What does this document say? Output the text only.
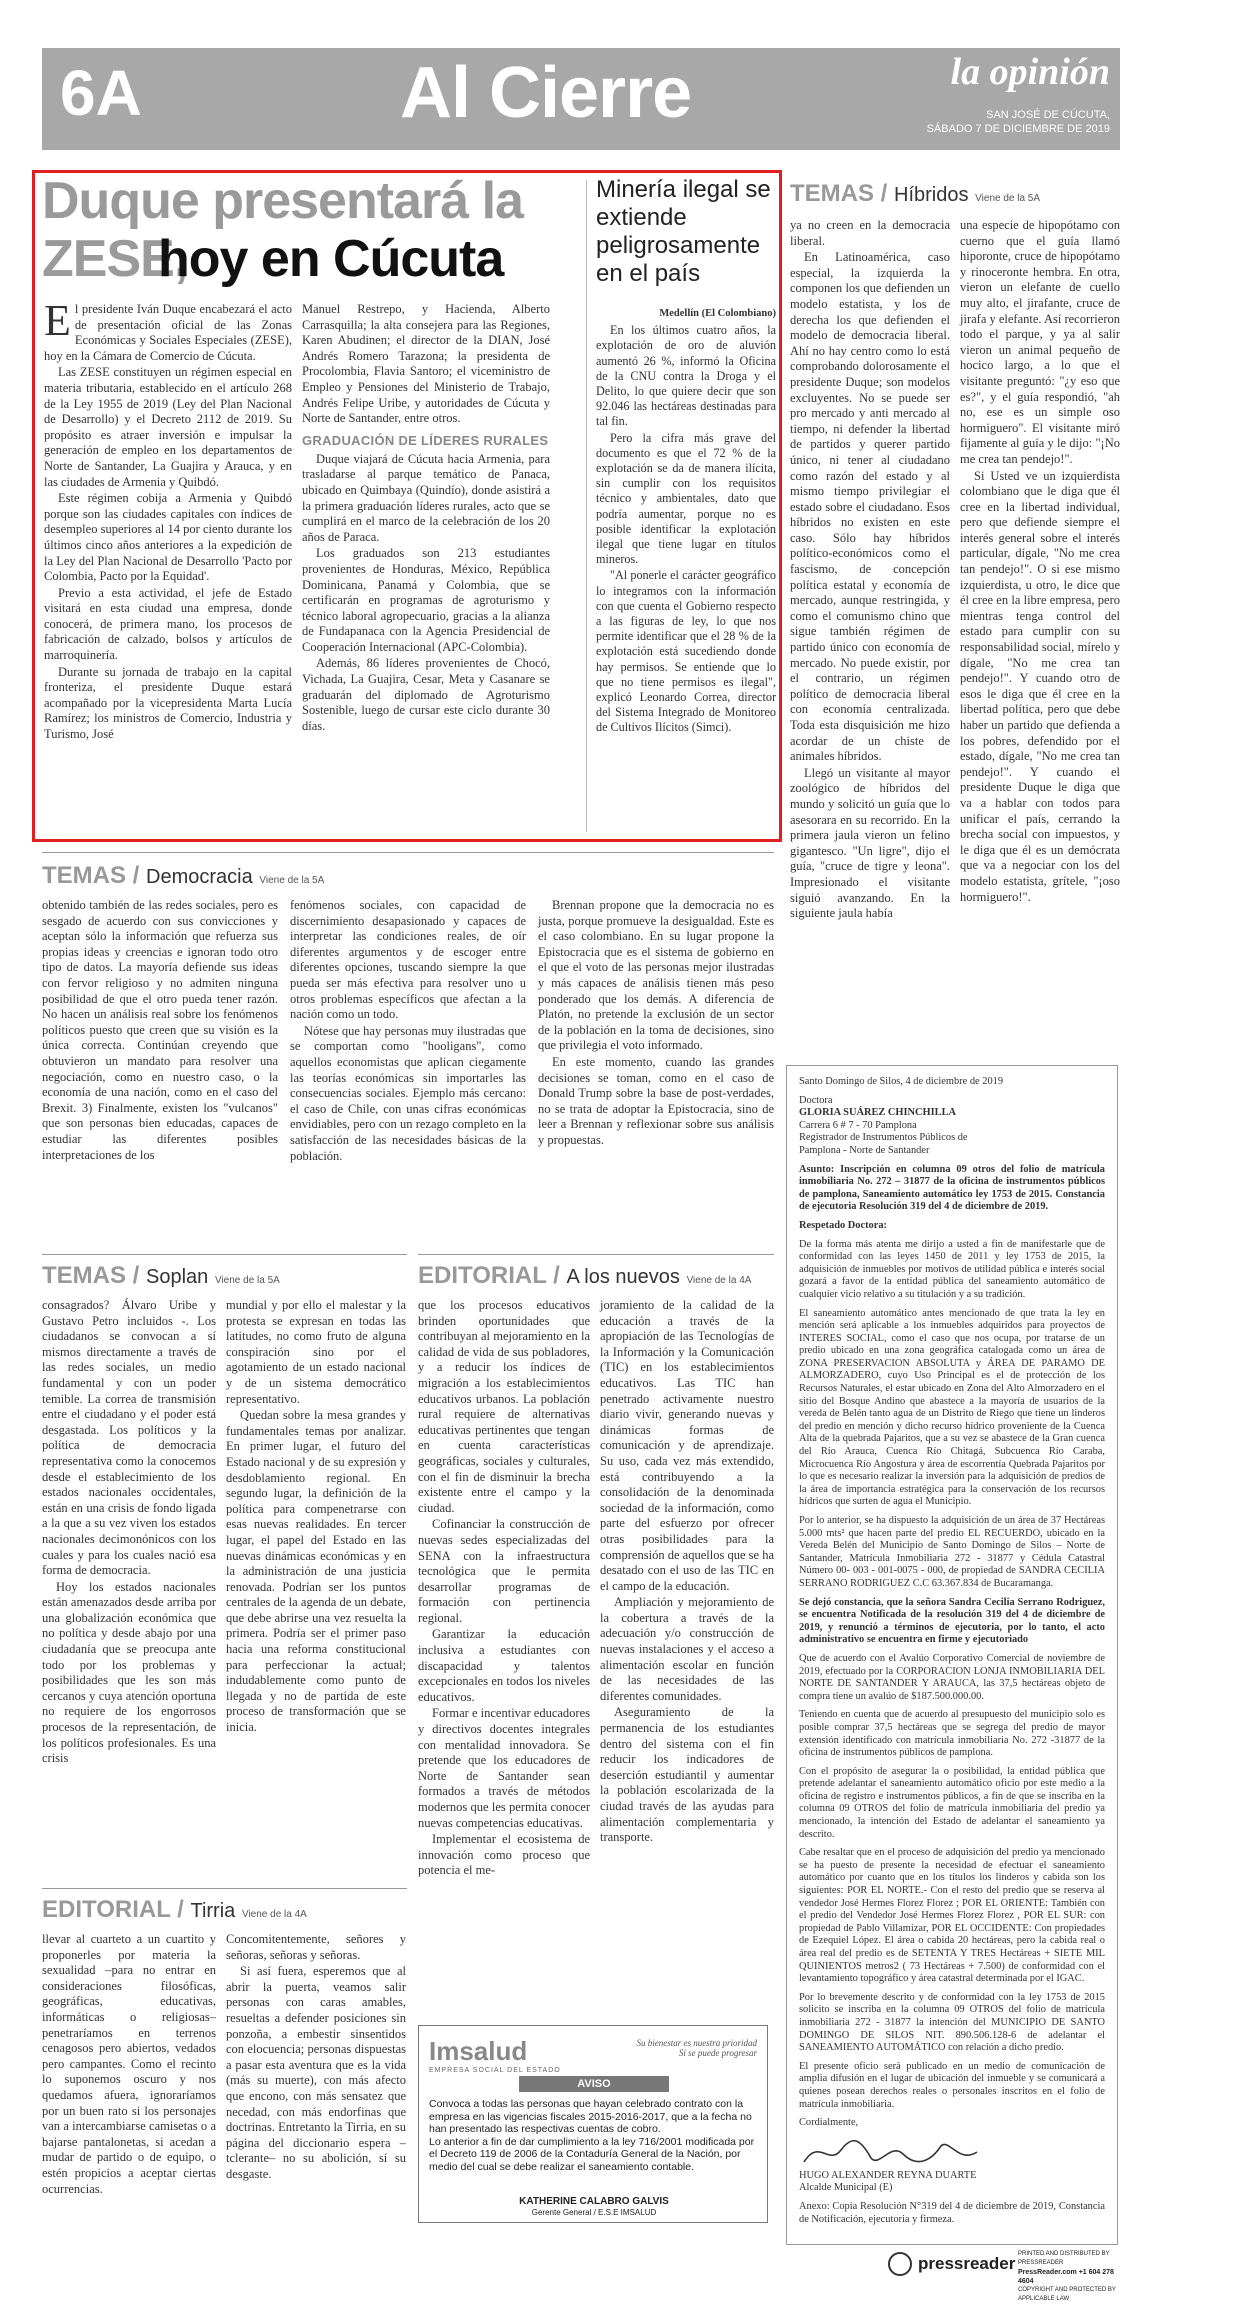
6A	Al Cierre	la opinión
SAN JOSÉ DE CÚCUTA,
SÁBADO 7 DE DICIEMBRE DE 2019
Duque presentará la
ZESE,
hoy en Cúcuta
E l presidente Iván Duque encabezará el acto de presentación oficial de las Zonas Económicas y Sociales Especiales (ZESE), hoy en la Cámara de Comercio de Cúcuta.

Las ZESE constituyen un régimen especial en materia tributaria, establecido en el artículo 268 de la Ley 1955 de 2019 (Ley del Plan Nacional de Desarrollo) y el Decreto 2112 de 2019. Su propósito es atraer inversión e impulsar la generación de empleo en los departamentos de Norte de Santander, La Guajira y Arauca, y en las ciudades de Armenia y Quibdó.

Este régimen cobija a Armenia y Quibdó porque son las ciudades capitales con índices de desempleo superiores al 14 por ciento durante los últimos cinco años anteriores a la expedición de la Ley del Plan Nacional de Desarrollo 'Pacto por Colombia, Pacto por la Equidad'.

Previo a esta actividad, el jefe de Estado visitará en esta ciudad una empresa, donde conocerá, de primera mano, los procesos de fabricación de calzado, bolsos y artículos de marroquinería.

Durante su jornada de trabajo en la capital fronteriza, el presidente Duque estará acompañado por la vicepresidenta Marta Lucía Ramírez; los ministros de Comercio, Industria y Turismo, José

Manuel Restrepo, y Hacienda, Alberto Carrasquilla; la alta consejera para las Regiones, Karen Abudinen; el director de la DIAN, José Andrés Romero Tarazona; la presidenta de Procolombia, Flavia Santoro; el viceministro de Empleo y Pensiones del Ministerio de Trabajo, Andrés Felipe Uribe, y autoridades de Cúcuta y Norte de Santander, entre otros.

GRADUACIÓN DE LÍDERES RURALES

Duque viajará de Cúcuta hacia Armenia, para trasladarse al parque temático de Panaca, ubicado en Quimbaya (Quindío), donde asistirá a la primera graduación líderes rurales, acto que se cumplirá en el marco de la celebración de los 20 años de Paraca.

Los graduados son 213 estudiantes provenientes de Honduras, México, República Dominicana, Panamá y Colombia, que se certificarán en programas de agroturismo y técnico laboral agropecuario, gracias a la alianza de Fundapanaca con la Agencia Presidencial de Cooperación Internacional (APC-Colombia).

Además, 86 líderes provenientes de Chocó, Vichada, La Guajira, Cesar, Meta y Casanare se graduarán del diplomado de Agroturismo Sostenible, luego de cursar este ciclo durante 30 días.

Minería ilegal se extiende peligrosamente en el país
Medellín (El Colombiano)

En los últimos cuatro años, la explotación de oro de aluvión aumentó 26 %, informó la Oficina de la CNU contra la Droga y el Delito, lo que quiere decir que son 92.046 las hectáreas destinadas para tal fin.

Pero la cifra más grave del documento es que el 72 % de la explotación se da de manera ilícita, sin cumplir con los requisitos técnico y ambientales, dato que podría aumentar, porque no es posible identificar la explotación ilegal que tiene lugar en títulos mineros.

"Al ponerle el carácter geográfico lo integramos con la información con que cuenta el Gobierno respecto a las figuras de ley, lo que nos permite identificar que el 28 % de la explotación está sucediendo donde hay permisos. Se entiende que lo que no tiene permisos es ilegal", explicó Leonardo Correa, director del Sistema Integrado de Monitoreo de Cultivos Ilícitos (Simci).

TEMAS / Híbridos Viene de la 5A

ya no creen en la democracia liberal.

En Latinoamérica, caso especial, la izquierda la componen los que defienden un modelo estatista, y los de derecha los que defienden el modelo de democracia liberal. Ahí no hay centro como lo está comprobando dolorosamente el presidente Duque; son modelos excluyentes. No se puede ser pro mercado y anti mercado al tiempo, ni defender la libertad de partidos y querer partido único, ni tener al ciudadano como razón del estado y al mismo tiempo privilegiar el estado sobre el ciudadano. Esos híbridos no existen en este caso. Sólo hay híbridos político-económicos como el fascismo, de concepción política estatal y economía de mercado, aunque restringida, y como el comunismo chino que sigue también régimen de partido único con economía de mercado. No puede existir, por el contrario, un régimen político de democracia liberal con economía centralizada. Toda esta disquisición me hizo acordar de un chiste de animales híbridos.

Llegó un visitante al mayor zoológico de híbridos del mundo y solicitó un guía que lo asesorara en su recorrido. En la primera jaula vieron un felino gigantesco. "Un ligre", dijo el guía, "cruce de tigre y leona". Impresionado el visitante siguió avanzando. En la siguiente jaula había

una especie de hipopótamo con cuerno que el guía llamó hiporonte, cruce de hipopótamo y rinoceronte hembra. En otra, vieron un elefante de cuello muy alto, el jirafante, cruce de jirafa y elefante. Así recorrieron todo el parque, y ya al salir vieron un animal pequeño de hocico largo, a lo que el visitante preguntó: "¿y eso que es?", y el guía respondió, "ah no, ese es un simple oso hormiguero". El visitante miró fijamente al guía y le dijo: "¡No me crea tan pendejo!".

Si Usted ve un izquierdista colombiano que le diga que él cree en la libertad individual, pero que defiende siempre el interés general sobre el interés particular, dígale, "No me crea tan pendejo!". O si ese mismo izquierdista, u otro, le dice que él cree en la libre empresa, pero mientras tenga control del estado para cumplir con su responsabilidad social, mírelo y dígale, "No me crea tan pendejo!". Y cuando otro de esos le diga que él cree en la libertad política, pero que debe haber un partido que defienda a los pobres, defendido por el estado, dígale, "No me crea tan pendejo!". Y cuando el presidente Duque le diga que va a hablar con todos para unificar el país, cerrando la brecha social con impuestos, y le diga que él es un demócrata que va a negociar con los del modelo estatista, grítele, "¡oso hormiguero!".

TEMAS / Democracia Viene de la 5A

obtenido también de las redes sociales, pero es sesgado de acuerdo con sus convicciones y aceptan sólo la información que refuerza sus propias ideas y creencias e ignoran todo otro tipo de datos. La mayoría defiende sus ideas con fervor religioso y no admiten ninguna posibilidad de que el otro pueda tener razón. No hacen un análisis real sobre los fenómenos políticos puesto que creen que su visión es la única correcta. Continúan creyendo que obtuvieron un mandato para resolver una negociación, como en nuestro caso, o la economía de una nación, como en el caso del Brexit. 3) Finalmente, existen los "vulcanos" que son personas bien educadas, capaces de estudiar las diferentes posibles interpretaciones de los

fenómenos sociales, con capacidad de discernimiento desapasionado y capaces de interpretar las condiciones reales, de oír diferentes argumentos y de escoger entre diferentes opciones, tuscando siempre la que pueda ser más efectiva para resolver uno u otros problemas específicos que afectan a la nación como un todo.

Nótese que hay personas muy ilustradas que se comportan como "hooligans", como aquellos economistas que aplican ciegamente las teorías económicas sin importarles las consecuencias sociales. Ejemplo más cercano: el caso de Chile, con unas cifras económicas envidiables, pero con un rezago completo en la satisfacción de las necesidades básicas de la población.

Brennan propone que la democracia no es justa, porque promueve la desigualdad. Este es el caso colombiano. En su lugar propone la Epistocracia que es el sistema de gobierno en el que el voto de las personas mejor ilustradas y más capaces de análisis tienen más peso ponderado que los demás. A diferencia de Platón, no pretende la exclusión de un sector de la población en la toma de decisiones, sino que privilegia el voto informado.

En este momento, cuando las grandes decisiones se toman, como en el caso de Donald Trump sobre la base de post-verdades, no se trata de adoptar la Epistocracia, sino de leer a Brennan y reflexionar sobre sus análisis y propuestas.

TEMAS / Soplan Viene de la 5A

consagrados? Álvaro Uribe y Gustavo Petro incluidos -. Los ciudadanos se convocan a sí mismos directamente a través de las redes sociales, un medio fundamental y con un poder temible. La correa de transmisión entre el ciudadano y el poder está desgastada. Los políticos y la política de democracia representativa como la conocemos desde el establecimiento de los estados nacionales occidentales, están en una crisis de fondo ligada a la que a su vez viven los estados nacionales decimonónicos con los cuales y para los cuales nació esa forma de democracia.

Hoy los estados nacionales están amenazados desde arriba por una globalización económica que no política y desde abajo por una ciudadanía que se preocupa ante todo por los problemas y posibilidades que les son más cercanos y cuya atención oportuna no requiere de los engorrosos procesos de la representación, de los políticos profesionales. Es una crisis

mundial y por ello el malestar y la protesta se expresan en todas las latitudes, no como fruto de alguna conspiración sino por el agotamiento de un estado nacional y de un sistema democrático representativo.

Quedan sobre la mesa grandes y fundamentales temas por analizar. En primer lugar, el futuro del Estado nacional y de su expresión y desdoblamiento regional. En segundo lugar, la definición de la política para compenetrarse con esas nuevas realidades. En tercer lugar, el papel del Estado en las nuevas dinámicas económicas y en la administración de una justicia renovada. Podrían ser los puntos centrales de la agenda de un debate, que debe abrirse una vez resuelta la primera. Podría ser el primer paso hacia una reforma constitucional para perfeccionar la actual; indudablemente como punto de llegada y no de partida de este proceso de transformación que se inicia.

EDITORIAL / A los nuevos Viene de la 4A

que los procesos educativos brinden oportunidades que contribuyan al mejoramiento en la calidad de vida de sus pobladores, y a reducir los índices de migración a los establecimientos educativos urbanos. La población rural requiere de alternativas educativas pertinentes que tengan en cuenta características geográficas, sociales y culturales, con el fin de disminuir la brecha existente entre el campo y la ciudad.

Cofinanciar la construcción de nuevas sedes especializadas del SENA con la infraestructura tecnológica que le permita desarrollar programas de formación con pertinencia regional.

Garantizar la educación inclusiva a estudiantes con discapacidad y talentos excepcionales en todos los niveles educativos.

Formar e incentivar educadores y directivos docentes integrales con mentalidad innovadora. Se pretende que los educadores de Norte de Santander sean formados a través de métodos modernos que les permita conocer nuevas competencias educativas.

Implementar el ecosistema de innovación como proceso que potencia el me-

joramiento de la calidad de la educación a través de la apropiación de las Tecnologías de la Información y la Comunicación (TIC) en los establecimientos educativos. Las TIC han penetrado activamente nuestro diario vivir, generando nuevas y dinámicas formas de comunicación y de aprendizaje. Su uso, cada vez más extendido, está contribuyendo a la consolidación de la denominada sociedad de la información, como parte del esfuerzo por ofrecer otras posibilidades para la comprensión de aquellos que se ha desatado con el uso de las TIC en el campo de la educación.

Ampliación y mejoramiento de la cobertura a través de la adecuación y/o construcción de nuevas instalaciones y el acceso a alimentación escolar en función de las necesidades de las diferentes comunidades.

Aseguramiento de la permanencia de los estudiantes dentro del sistema con el fin reducir los indicadores de deserción estudiantil y aumentar la población escolarizada de la ciudad través de las ayudas para alimentación complementaria y transporte.

EDITORIAL / Tirria Viene de la 4A

llevar al cuarteto a un cuartito y proponerles por materia la sexualidad –para no entrar en consideraciones filosóficas, geográficas, educativas, informáticas o religiosas– penetraríamos en terrenos cenagosos pero abiertos, vedados pero campantes. Como el recinto lo suponemos oscuro y nos quedamos afuera, ignoraríamos por un buen rato si los personajes van a intercambiarse camisetas o a bajarse pantalonetas, si acedan a mudar de partido o de equipo, o estén propicios a aceptar ciertas ocurrencias.

Concomitentemente, señores y señoras, señoras y señoras.

Si así fuera, esperemos que al abrir la puerta, veamos salir personas con caras amables, resueltas a defender posiciones sin ponzoña, a embestir sinsentidos con elocuencia; personas dispuestas a pasar esta aventura que es la vida (más su muerte), con más afecto que encono, con más sensatez que necedad, con más endorfinas que doctrinas. Entretanto la Tirria, en su página del diccionario espera –tclerante– no su abolición, sí su desgaste.

Imsalud
EMPRESA SOCIAL DEL ESTADO
Su bienestar es nuestra prioridad
Sí se puede progresar
AVISO

Convoca a todas las personas que hayan celebrado contrato con la empresa en las vigencias fiscales 2015-2016-2017, que a la fecha no han presentado las respectivas cuentas de cobro.

Lo anterior a fin de dar cumplimiento a la ley 716/2001 modificada por el Decreto 119 de 2006 de la Contaduría General de la Nación, por medio del cual se debe realizar el saneamiento contable.

KATHERINE CALABRO GALVIS
Gerente General / E.S.E IMSALUD

Santo Domingo de Silos, 4 de diciembre de 2019

Doctora
GLORIA SUÁREZ CHINCHILLA
Carrera 6 # 7 - 70 Pamplona
Registrador de Instrumentos Públicos de

Pamplona - Norte de Santander

Asunto: Inscripción en columna 09 otros del folio de matrícula inmobiliaria No. 272 – 31877 de la oficina de instrumentos públicos de pamplona, Saneamiento automático ley 1753 de 2015. Constancia de ejecutoria Resolución 319 del 4 de diciembre de 2019.

Respetado Doctora:

De la forma más atenta me dirijo a usted a fin de manifestarle que de conformidad con las leyes 1450 de 2011 y ley 1753 de 2015, la adquisición de inmuebles por motivos de utilidad pública e interés social gozará a favor de la entidad pública del saneamiento automático de cualquier vicio relativo a su titulación y a su tradición.

El saneamiento automático antes mencionado de que trata la ley en mención será aplicable a los inmuebles adquiridos para proyectos de INTERES SOCIAL, como el caso que nos ocupa, por tratarse de un predio ubicado en una zona geográfica catalogada como un área de ZONA PRESERVACION ABSOLUTA y ÁREA DE PARAMO DE ALMORZADERO, cuyo Uso Principal es el de protección de los Recursos Naturales, el estar ubicado en Zona del Alto Almorzadero en el sitio del Bosque Andino que abastece a la mayoría de usuarios de la vereda de Belén tanto agua de un Distrito de Riego que tiene un linderos del predio en mención y dicho recurso hídrico proveniente de la Cuenca Alta de la quebrada Pajaritos, que a su vez se abastece de la Gran cuenca del Río Arauca, Cuenca Río Chitagá, Subcuenca Río Caraba, Microcuenca Río Angostura y área de escorrentía Quebrada Pajaritos por lo que es necesario realizar la inversión para la adquisición de predios de la área de importancia estratégica para la conservación de los recursos hídricos que surten de agua el Municipio.

Por lo anterior, se ha dispuesto la adquisición de un área de 37 Hectáreas 5.000 mts² que hacen parte del predio EL RECUERDO, ubicado en la Vereda Belén del Municipio de Santo Domingo de Silos – Norte de Santander, Matrícula Inmobiliaria 272 - 31877 y Cédula Catastral Número 00- 003 - 001-0075 - 000, de propiedad de SANDRA CECILIA SERRANO RODRIGUEZ C.C 63.367.834 de Bucaramanga.

Se dejó constancia, que la señora Sandra Cecilia Serrano Rodriguez, se encuentra Notificada de la resolución 319 del 4 de diciembre de 2019, y renunció a términos de ejecutoria, por lo tanto, el acto administrativo se encuentra en firme y ejecutoriado

Que de acuerdo con el Avalúo Corporativo Comercial de noviembre de 2019, efectuado por la CORPORACION LONJA INMOBILIARIA DEL NORTE DE SANTANDER Y ARAUCA, las 37,5 hectáreas objeto de compra tiene un avalúo de $187.500.000.00.

Teniendo en cuenta que de acuerdo al presupuesto del municipio solo es posible comprar 37,5 hectáreas que se segrega del predio de mayor extensión identificado con matrícula inmobiliaria No. 272 -31877 de la oficina de instrumentos públicos de pamplona.

Con el propósito de asegurar la o posibilidad, la entidad pública que pretende adelantar el saneamiento automático oficio por este medio a la oficina de registro e instrumentos públicos, a fin de que se inscriba en la columna 09 OTROS del folio de matrícula inmobiliaria del predio ya mencionado, la intención del Estado de adelantar el saneamiento ya descrito.

Cabe resaltar que en el proceso de adquisición del predio ya mencionado se ha puesto de presente la necesidad de efectuar el saneamiento automático por cuanto que en los títulos los linderos y cabida son los siguientes: POR EL NORTE.- Con el resto del predio que se reserva al vendedor José Hermes Florez Florez ; POR EL ORIENTE: También con el predio del Vendedor José Hermes Florez Florez , POR EL SUR: con propiedad de Pablo Villamizar, POR EL OCCIDENTE: Con propiedades de Ezequiel López. El área o cabida 20 hectáreas, pero la cabida real o área real del predio es de SETENTA Y TRES Hectáreas + SIETE MIL QUINIENTOS metros2 ( 73 Hectáreas + 7.500) de conformidad con el levantamiento topográfico y área catastral determinada por el IGAC.

Por lo brevemente descrito y de conformidad con la ley 1753 de 2015 solicito se inscriba en la columna 09 OTROS del folio de matrícula inmobiliaria 272 - 31877 la intención del MUNICIPIO DE SANTO DOMINGO DE SILOS NIT. 890.506.128-6 de adelantar el SANEAMIENTO AUTOMÁTICO con relación a dicho predio.

El presente oficio será publicado en un medio de comunicación de amplia difusión en el lugar de ubicación del inmueble y se comunicará a quienes posean derechos reales o personales inscritos en el folio de matrícula inmobiliaria.

Cordialmente,

HUGO ALEXANDER REYNA DUARTE

Alcalde Municipal (E)

Anexo: Copia Resolución N°319 del 4 de diciembre de 2019, Constancia de Notificación, ejecutoria y firmeza.

pressreader PRINTED AND DISTRIBUTED BY PRESSREADER
PressReader.com +1 604 278 4604
COPYRIGHT AND PROTECTED BY APPLICABLE LAW
